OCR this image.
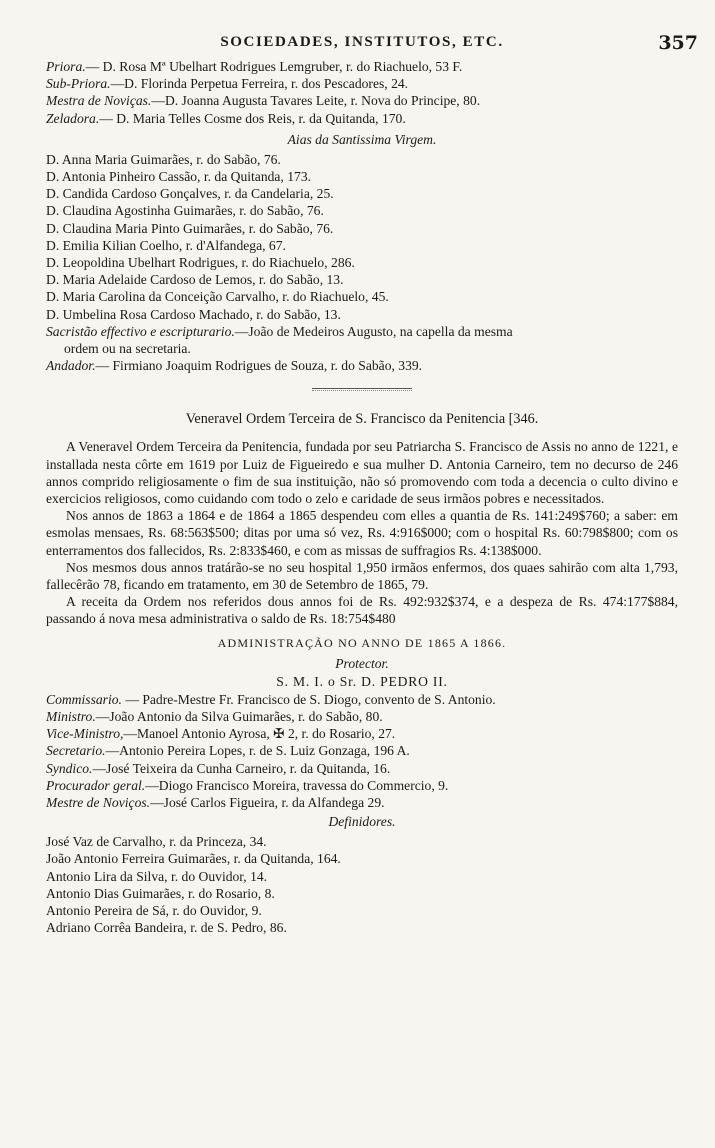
SOCIEDADES, INSTITUTOS, ETC.	357
Priora.— D. Rosa Mª Ubelhart Rodrigues Lemgruber, r. do Riachuelo, 53 F.
Sub-Priora.—D. Florinda Perpetua Ferreira, r. dos Pescadores, 24.
Mestra de Noviças.—D. Joanna Augusta Tavares Leite, r. Nova do Principe, 80.
Zeladora.— D. Maria Telles Cosme dos Reis, r. da Quitanda, 170.
Aias da Santissima Virgem.
D. Anna Maria Guimarães, r. do Sabão, 76.
D. Antonia Pinheiro Cassão, r. da Quitanda, 173.
D. Candida Cardoso Gonçalves, r. da Candelaria, 25.
D. Claudina Agostinha Guimarães, r. do Sabão, 76.
D. Claudina Maria Pinto Guimarães, r. do Sabão, 76.
D. Emilia Kilian Coelho, r. d'Alfandega, 67.
D. Leopoldina Ubelhart Rodrigues, r. do Riachuelo, 286.
D. Maria Adelaide Cardoso de Lemos, r. do Sabão, 13.
D. Maria Carolina da Conceição Carvalho, r. do Riachuelo, 45.
D. Umbelina Rosa Cardoso Machado, r. do Sabão, 13.
Sacristão effectivo e escripturario.—João de Medeiros Augusto, na capella da mesma
ordem ou na secretaria.
Andador.— Firmiano Joaquim Rodrigues de Souza, r. do Sabão, 339.
Veneravel Ordem Terceira de S. Francisco da Penitencia [346.

A Veneravel Ordem Terceira da Penitencia, fundada por seu Patriarcha S. Francisco de Assis no anno de 1221, e installada nesta côrte em 1619 por Luiz de Figueiredo e sua mulher D. Antonia Carneiro, tem no decurso de 246 annos comprido religiosamente o fim de sua instituição, não só promovendo com toda a decencia o culto divino e exercicios religiosos, como cuidando com todo o zelo e caridade de seus irmãos pobres e necessitados.

Nos annos de 1863 a 1864 e de 1864 a 1865 despendeu com elles a quantia de Rs. 141:249$760; a saber: em esmolas mensaes, Rs. 68:563$500; ditas por uma só vez, Rs. 4:916$000; com o hospital Rs. 60:798$800; com os enterramentos dos fallecidos, Rs. 2:833$460, e com as missas de suffragios Rs. 4:138$000.

Nos mesmos dous annos tratárão-se no seu hospital 1,950 irmãos enfermos, dos quaes sahirão com alta 1,793, fallecêrão 78, ficando em tratamento, em 30 de Setembro de 1865, 79.

A receita da Ordem nos referidos dous annos foi de Rs. 492:932$374, e a despeza de Rs. 474:177$884, passando á nova mesa administrativa o saldo de Rs. 18:754$480

ADMINISTRAÇÃO NO ANNO DE 1865 A 1866.
Protector.
S. M. I. o Sr. D. PEDRO II.
Commissario. — Padre-Mestre Fr. Francisco de S. Diogo, convento de S. Antonio.
Ministro.—João Antonio da Silva Guimarães, r. do Sabão, 80.
Vice-Ministro,—Manoel Antonio Ayrosa, ✠ 2, r. do Rosario, 27.
Secretario.—Antonio Pereira Lopes, r. de S. Luiz Gonzaga, 196 A.
Syndico.—José Teixeira da Cunha Carneiro, r. da Quitanda, 16.
Procurador geral.—Diogo Francisco Moreira, travessa do Commercio, 9.
Mestre de Noviços.—José Carlos Figueira, r. da Alfandega 29.
Definidores.
José Vaz de Carvalho, r. da Princeza, 34.
João Antonio Ferreira Guimarães, r. da Quitanda, 164.
Antonio Lira da Silva, r. do Ouvidor, 14.
Antonio Dias Guimarães, r. do Rosario, 8.
Antonio Pereira de Sá, r. do Ouvidor, 9.
Adriano Corrêa Bandeira, r. de S. Pedro, 86.
